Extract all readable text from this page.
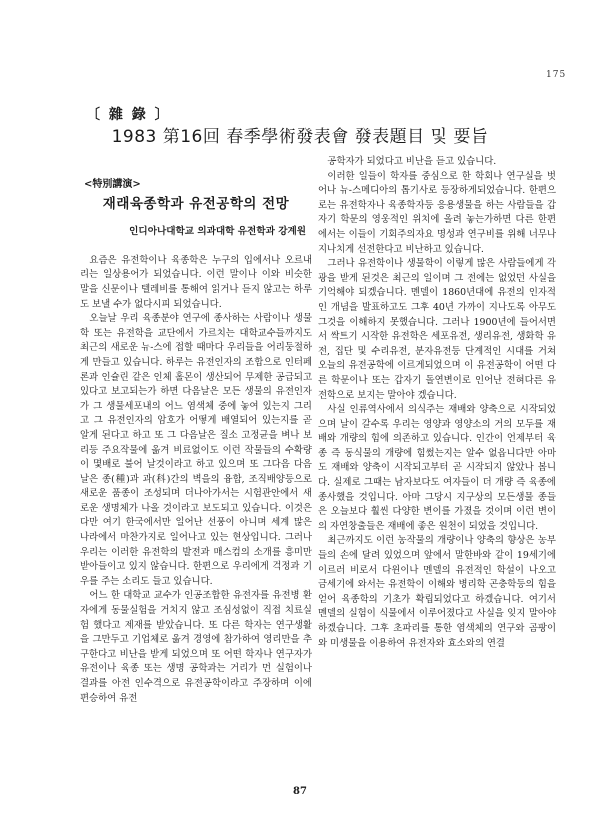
175
〔 雜 錄 〕
1983 第16回 春季學術發表會 發表題目 및 要旨
<特別講演>
재래육종학과 유전공학의 전망
인디아나대학교 의과대학 유전학과 강계원

요즘은 유전학이나 육종학은 누구의 입에서나 오르내리는 일상용어가 되었습니다. 이런 말이나 이와 비슷한 말을 신문이나 텔레비를 통해여 읽거나 듣지 않고는 하루도 보낼 수가 없다시피 되었습니다.

오늘날 우리 육종분야 연구에 종사하는 사람이나 생물학 또는 유전학을 교단에서 가르치는 대학교수들까지도 최근의 새로운 뉴-스에 접할 때마다 우리들을 어리둥절하게 만들고 있습니다. 하루는 유전인자의 조합으로 인터페론과 인슐린 같은 인체 홀몬이 생산되어 무제한 공급되고 있다고 보고되는가 하면 다음날은 모든 생물의 유전인자가 그 생물세포내의 어느 염색체 중에 놓여 있는지 그리고 그 유전인자의 암호가 어떻게 배열되어 있는지를 곧 알게 된다고 하고 또 그 다음날은 질소 고정균을 벼나 보리등 주요작물에 옮겨 비료없이도 이런 작물들의 수확량이 몇배로 불어 날것이라고 하고 있으며 또 그다음 다음날은 종(種)과 과(科)간의 벽을의 융합, 조직배양등으로 새로운 품종이 조성되며 더나아가서는 시험관안에서 새로운 생명체가 나올 것이라고 보도되고 있습니다. 이것은 다만 여기 한국에서만 일어난 선풍이 아니며 세계 많은 나라에서 마찬가지로 일어나고 있는 현상입니다. 그러나 우리는 이러한 유전학의 발전과 매스컴의 소개를 흥미만 받아들이고 있지 않습니다. 한편으로 우리에게 걱정과 기우를 주는 소리도 들고 있습니다.

어느 한 대학교 교수가 인공조합한 유전자를 유전병 환자에게 동물실험을 거치지 않고 조심성없이 직접 치료실험 했다고 제재를 받았습니다. 또 다른 학자는 연구생활을 그만두고 기업체로 옮겨 경영에 참가하여 영리만을 추구한다고 비난을 받게 되었으며 또 어떤 학자나 연구자가 유전이나 육종 또는 생명 공학과는 거리가 먼 실험이나 결과를 아전 인수격으로 유전공학이라고 주장하며 이에 편승하여 유전

공학자가 되었다고 비난을 듣고 있습니다.

이러한 일들이 학자를 중심으로 한 학회나 연구실을 벗어나 뉴-스메디아의 톱기사로 등장하게되었습니다. 한편으로는 유전학자나 육종학자등 응용생물을 하는 사람들을 갑자기 학문의 영웅적인 위치에 올려 놓는가하면 다른 한편에서는 이들이 기회주의자요 명성과 연구비를 위해 너무나 지나치게 선전한다고 비난하고 있습니다.

그러나 유전학이나 생물학이 이렇게 많은 사람들에게 각광을 받게 된것은 최근의 일이며 그 전에는 없었던 사실을 기억해야 되겠습니다. 멘델이 1860년대에 유전의 인자적인 개념을 발표하고도 그후 40년 가까이 지나도록 아무도 그것을 이해하지 못했습니다. 그러나 1900년에 들어서면서 싹트기 시작한 유전학은 세포유전, 생리유전, 생화학 유전, 집단 및 수리유전, 분자유전등 단계적인 시대를 거쳐 오늘의 유전공학에 이르게되었으며 이 유전공학이 어떤 다른 학문이나 또는 갑자기 돌연변이로 인어난 전혀다른 유전학으로 보지는 말아야 겠습니다.

사실 인류역사에서 의식주는 재배와 양축으로 시작되었으며 날이 갈수록 우리는 영양과 영양소의 거의 모두를 재배와 개량의 힘에 의존하고 있습니다. 인간이 언제부터 육종 즉 동식물의 개량에 힘썼는지는 알수 없읍니다만 아마도 재배와 양축이 시작되고부터 곧 시작되지 않았나 봅니다. 실제로 그때는 남자보다도 여자들이 더 개량 즉 육종에 종사했을 것입니다. 아마 그당시 지구상의 모든생물 종들은 오늘보다 훨씬 다양한 변이를 가졌을 것이며 이런 변이의 자연창출들은 재배에 좋은 원천이 되었을 것입니다.

최근까지도 이런 농작물의 개량이나 양축의 향상은 농부들의 손에 달려 있었으며 앞에서 말한바와 같이 19세기에 이르러 비로서 다윈이나 멘델의 유전적인 학설이 나오고 금세기에 와서는 유전학이 이해와 병리학 곤충학등의 힘을 얻어 육종학의 기초가 확립되었다고 하겠습니다. 여기서 멘델의 실험이 식물에서 이루어졌다고 사실을 잊지 말아야 하겠습니다. 그후 초파리를 통한 염색체의 연구와 곰팡이와 미생물을 이용하여 유전자와 효소와의 연결

87
